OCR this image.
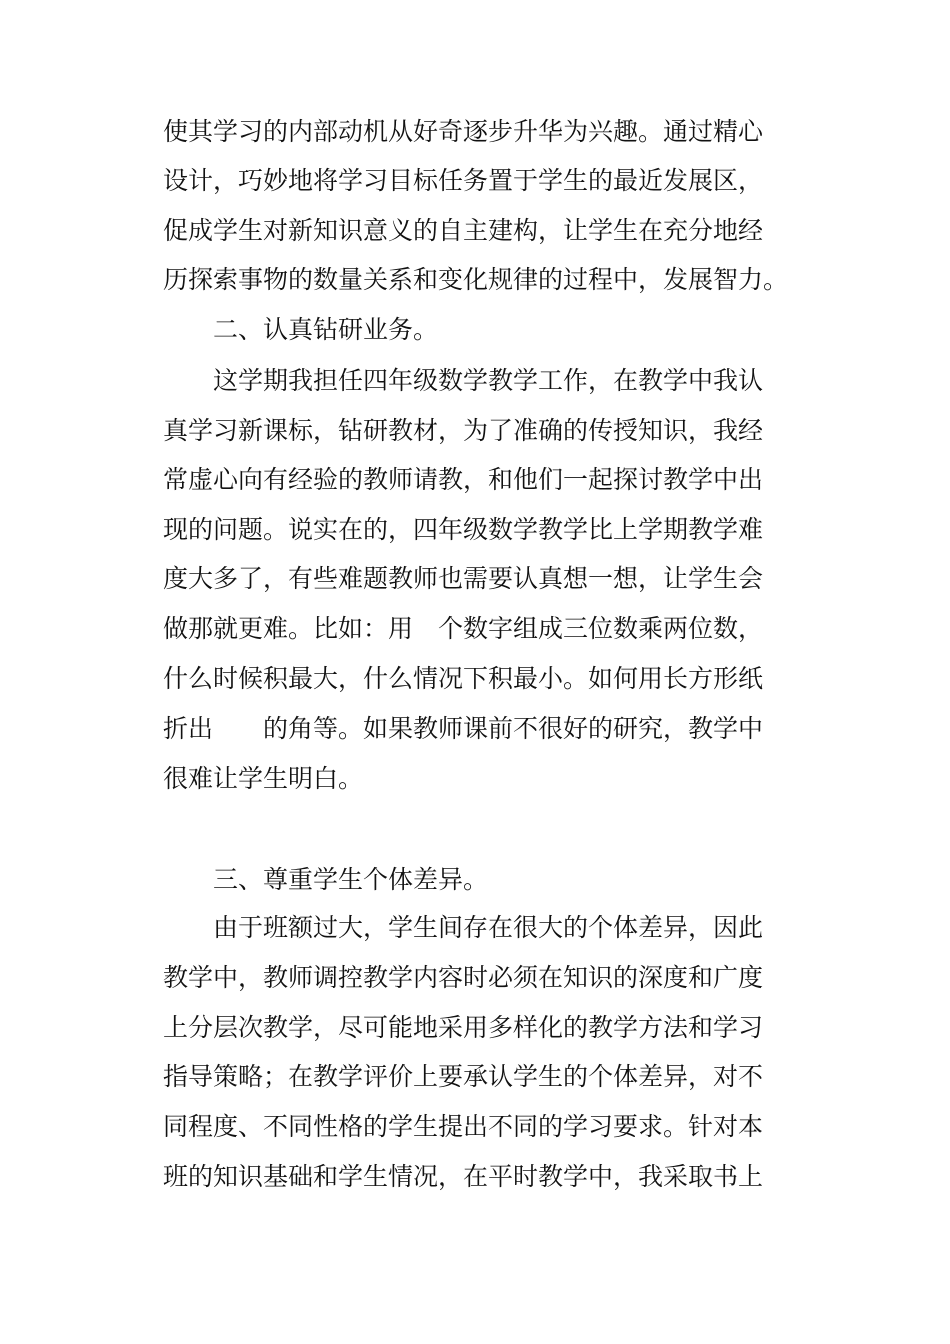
使其学习的内部动机从好奇逐步升华为兴趣。通过精心
设计，巧妙地将学习目标任务置于学生的最近发展区，
促成学生对新知识意义的自主建构，让学生在充分地经
历探索事物的数量关系和变化规律的过程中，发展智力。
二、认真钻研业务。
这学期我担任四年级数学教学工作，在教学中我认
真学习新课标，钻研教材，为了准确的传授知识，我经
常虚心向有经验的教师请教，和他们一起探讨教学中出
现的问题。说实在的，四年级数学教学比上学期教学难
度大多了，有些难题教师也需要认真想一想，让学生会
做那就更难。比如：用　个数字组成三位数乘两位数，
什么时候积最大，什么情况下积最小。如何用长方形纸
折出　　的角等。如果教师课前不很好的研究，教学中
很难让学生明白。
三、尊重学生个体差异。
由于班额过大，学生间存在很大的个体差异，因此
教学中，教师调控教学内容时必须在知识的深度和广度
上分层次教学，尽可能地采用多样化的教学方法和学习
指导策略；在教学评价上要承认学生的个体差异，对不
同程度、不同性格的学生提出不同的学习要求。针对本
班的知识基础和学生情况，在平时教学中，我采取书上
